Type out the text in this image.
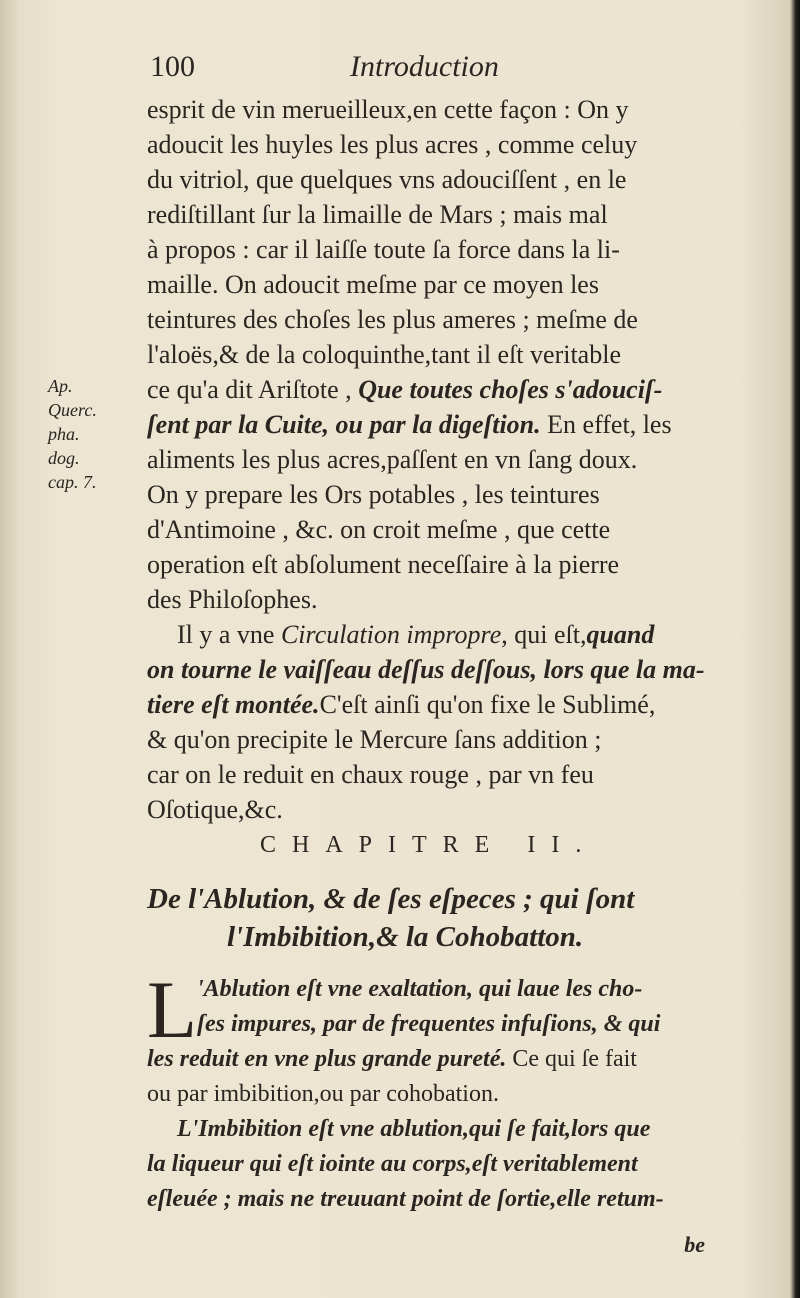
100	Introduction
esprit de vin merueilleux,en cette façon : On y
adoucit les huyles les plus acres , comme celuy
du vitriol, que quelques vns adouciſſent , en le
rediſtillant ſur la limaille de Mars ; mais mal
à propos : car il laiſſe toute ſa force dans la li-
maille. On adoucit meſme par ce moyen les
teintures des choſes les plus ameres ; meſme de
l'aloës,& de la coloquinthe,tant il eſt veritable
ce qu'a dit Ariſtote , Que toutes choſes s'adouciſ-
ſent par la Cuite, ou par la digeſtion. En effet, les
aliments les plus acres,paſſent en vn ſang doux.
On y prepare les Ors potables , les teintures
d'Antimoine , &c. on croit meſme , que cette
operation eſt abſolument neceſſaire à la pierre
des Philoſophes.
Il y a vne Circulation impropre, qui eſt,quand
on tourne le vaiſſeau deſſus deſſous, lors que la ma-
tiere eſt montée.C'eſt ainſi qu'on fixe le Sublimé,
& qu'on precipite le Mercure ſans addition ;
car on le reduit en chaux rouge , par vn feu
Oſotique,&c.
Ap.
Querc.
pha.
dog.
cap. 7.
CHAPITRE II.
De l'Ablution, & de ſes eſpeces ; qui ſont
l'Imbibition,& la Cohobatton.
L 'Ablution eſt vne exaltation, qui laue les cho-
ſes impures, par de frequentes infuſions, & qui
les reduit en vne plus grande pureté. Ce qui ſe fait
ou par imbibition,ou par cohobation.
L'Imbibition eſt vne ablution,qui ſe fait,lors que
la liqueur qui eſt iointe au corps,eſt veritablement
eſleuée ; mais ne treuuant point de ſortie,elle retum-
be
